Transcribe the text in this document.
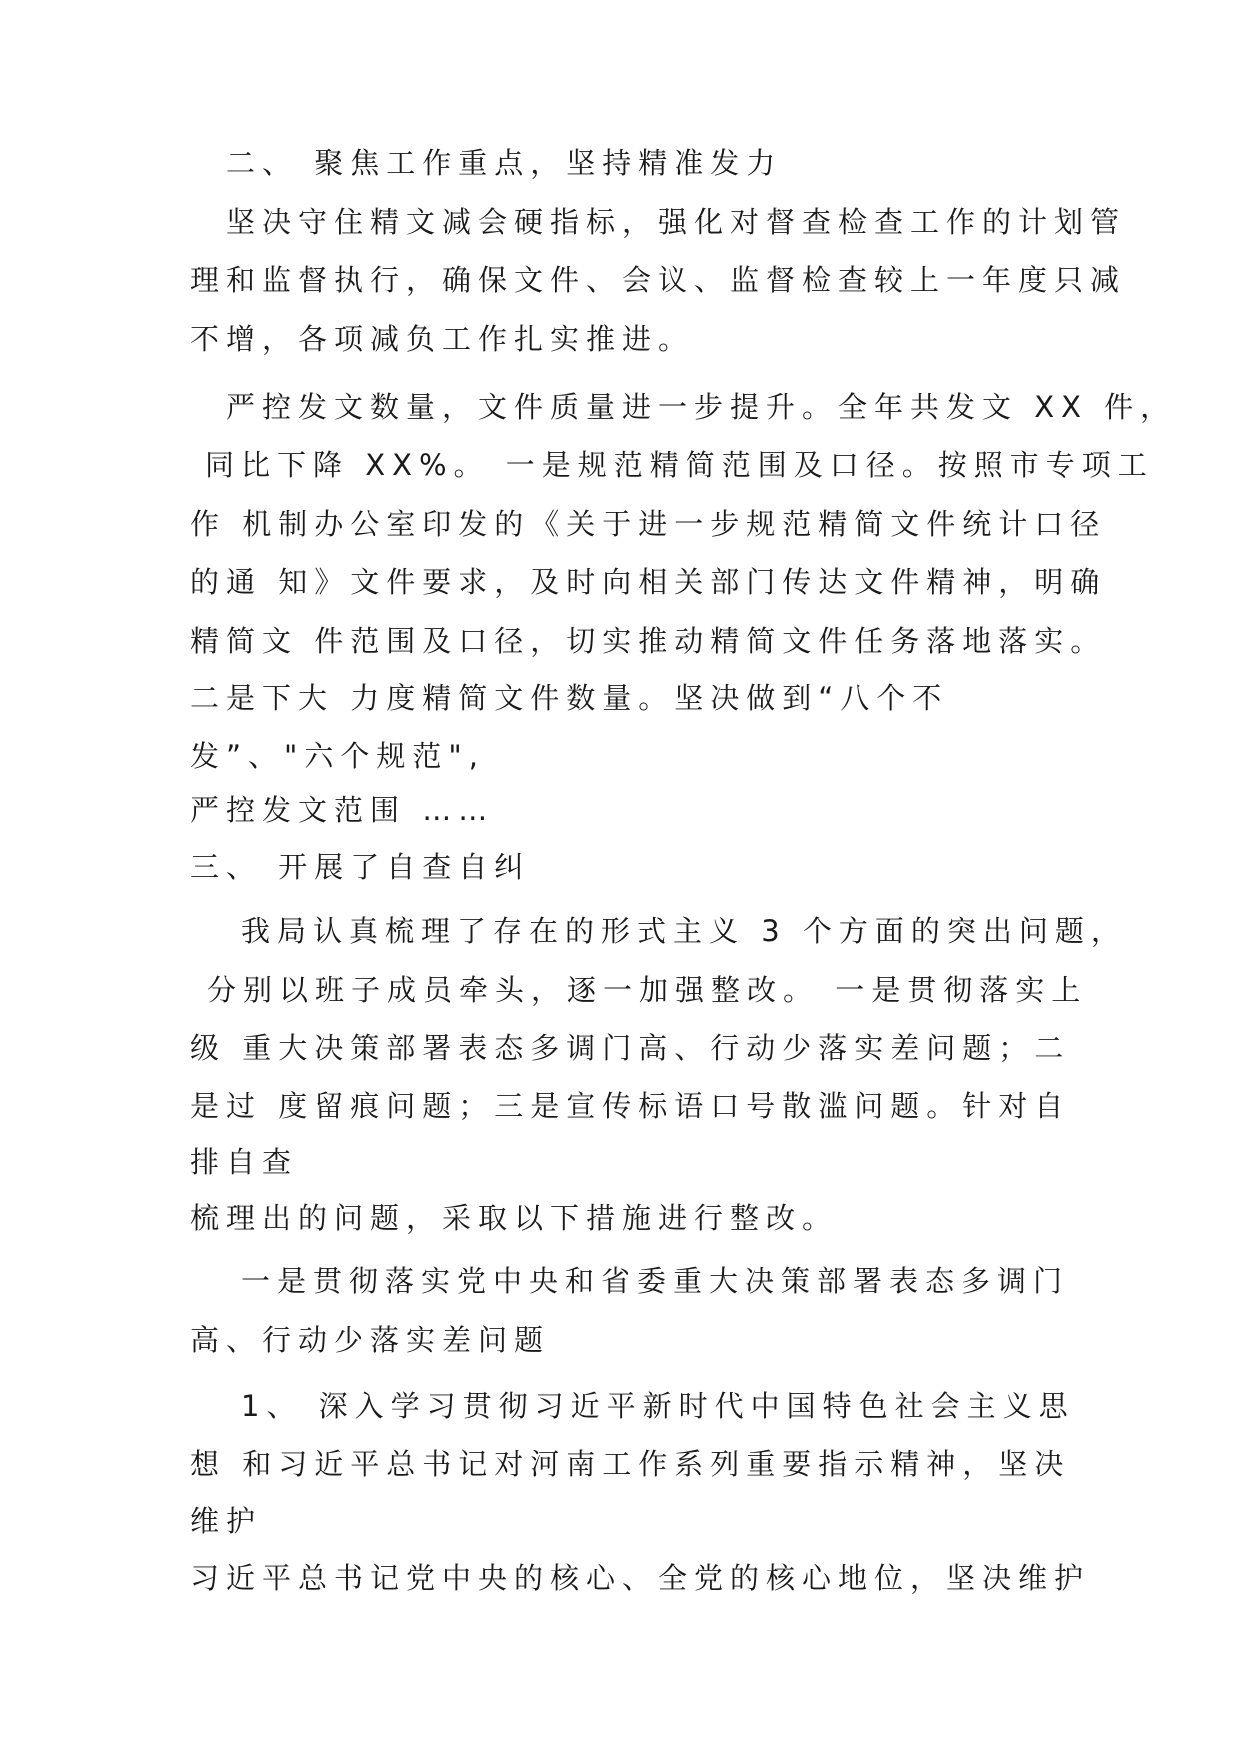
二、 聚焦工作重点，坚持精准发力
坚决守住精文减会硬指标，强化对督查检查工作的计划管
理和监督执行，确保文件、会议、监督检查较上一年度只减
不增，各项减负工作扎实推进。
严控发文数量，文件质量进一步提升。全年共发文 XX 件，
同比下降 XX%。 一是规范精简范围及口径。按照市专项工
作 机制办公室印发的《关于进一步规范精简文件统计口径
的通 知》文件要求，及时向相关部门传达文件精神，明确
精简文 件范围及口径，切实推动精简文件任务落地落实。
二是下大 力度精简文件数量。坚决做到“八个不
发”、"六个规范",
严控发文范围 ……
三、 开展了自查自纠
我局认真梳理了存在的形式主义 3 个方面的突出问题，
分别以班子成员牵头，逐一加强整改。 一是贯彻落实上
级 重大决策部署表态多调门高、行动少落实差问题；二
是过 度留痕问题；三是宣传标语口号散滥问题。针对自
排自查
梳理出的问题，采取以下措施进行整改。
一是贯彻落实党中央和省委重大决策部署表态多调门
高、行动少落实差问题
1、 深入学习贯彻习近平新时代中国特色社会主义思
想 和习近平总书记对河南工作系列重要指示精神，坚决
维护
习近平总书记党中央的核心、全党的核心地位，坚决维护
